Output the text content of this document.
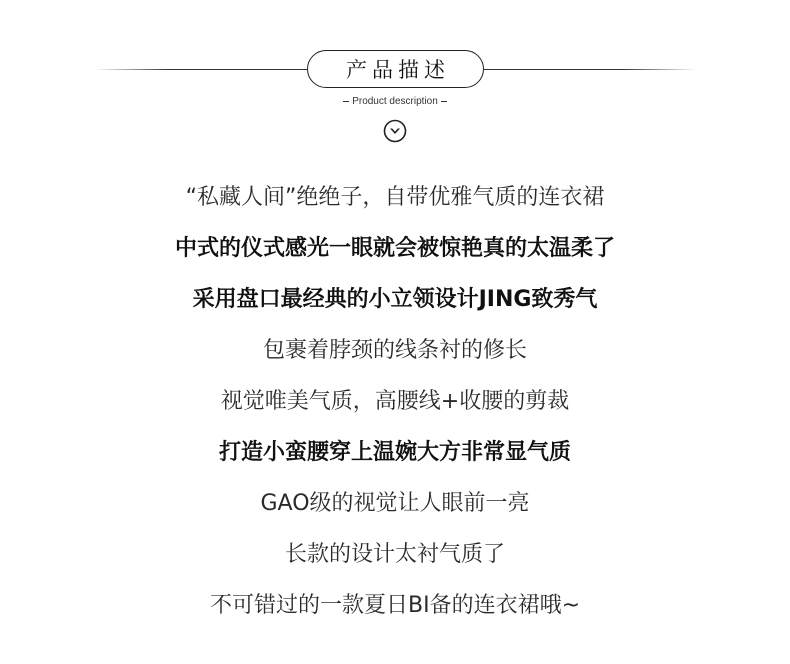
产品描述
Product description
“私藏人间”绝绝子，自带优雅气质的连衣裙
中式的仪式感光一眼就会被惊艳真的太温柔了
采用盘口最经典的小立领设计JING致秀气
包裹着脖颈的线条衬的修长
视觉唯美气质，高腰线+收腰的剪裁
打造小蛮腰穿上温婉大方非常显气质
GAO级的视觉让人眼前一亮
长款的设计太衬气质了
不可错过的一款夏日BI备的连衣裙哦~
